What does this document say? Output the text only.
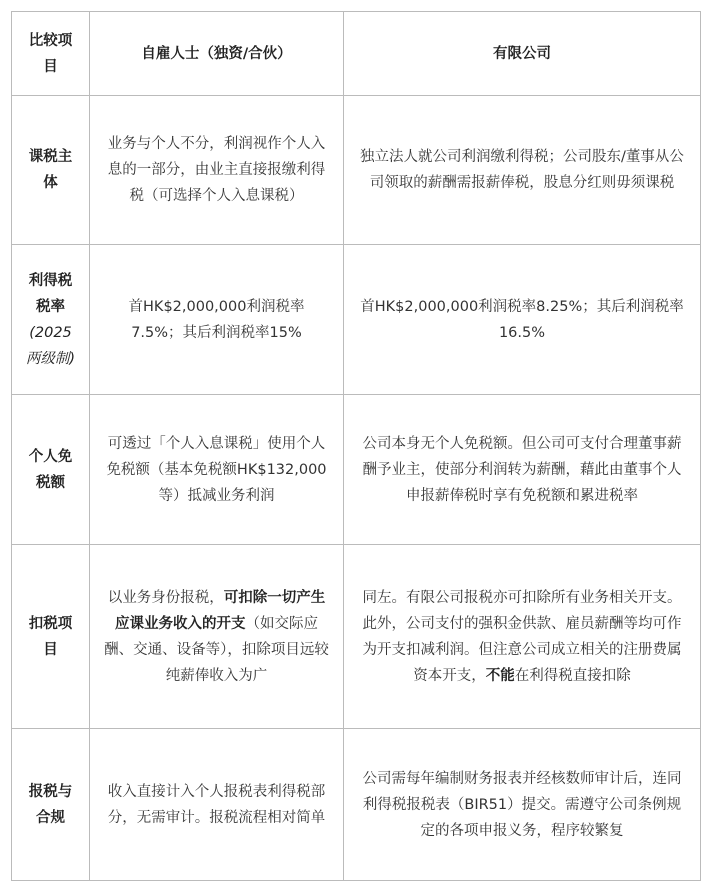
比较项目	自雇人士（独资/合伙）	有限公司
课税主体	业务与个人不分，利润视作个人入息的一部分，由业主直接报缴利得税（可选择个人入息课税）	独立法人就公司利润缴利得税；公司股东/董事从公司领取的薪酬需报薪俸税，股息分红则毋须课税
利得税税率(2025两级制)	首HK$2,000,000利润税率7.5%；其后利润税率15%	首HK$2,000,000利润税率8.25%；其后利润税率16.5%
个人免税额	可透过「个人入息课税」使用个人免税额（基本免税额HK$132,000等）抵减业务利润	公司本身无个人免税额。但公司可支付合理董事薪酬予业主，使部分利润转为薪酬，藉此由董事个人申报薪俸税时享有免税额和累进税率
扣税项目	以业务身份报税，可扣除一切产生应课业务收入的开支（如交际应酬、交通、设备等），扣除项目远较纯薪俸收入为广	同左。有限公司报税亦可扣除所有业务相关开支。此外，公司支付的强积金供款、雇员薪酬等均可作为开支扣减利润。但注意公司成立相关的注册费属资本开支，不能在利得税直接扣除
报税与合规	收入直接计入个人报税表利得税部分，无需审计。报税流程相对简单	公司需每年编制财务报表并经核数师审计后，连同利得税报税表（BIR51）提交。需遵守公司条例规定的各项申报义务，程序较繁复
